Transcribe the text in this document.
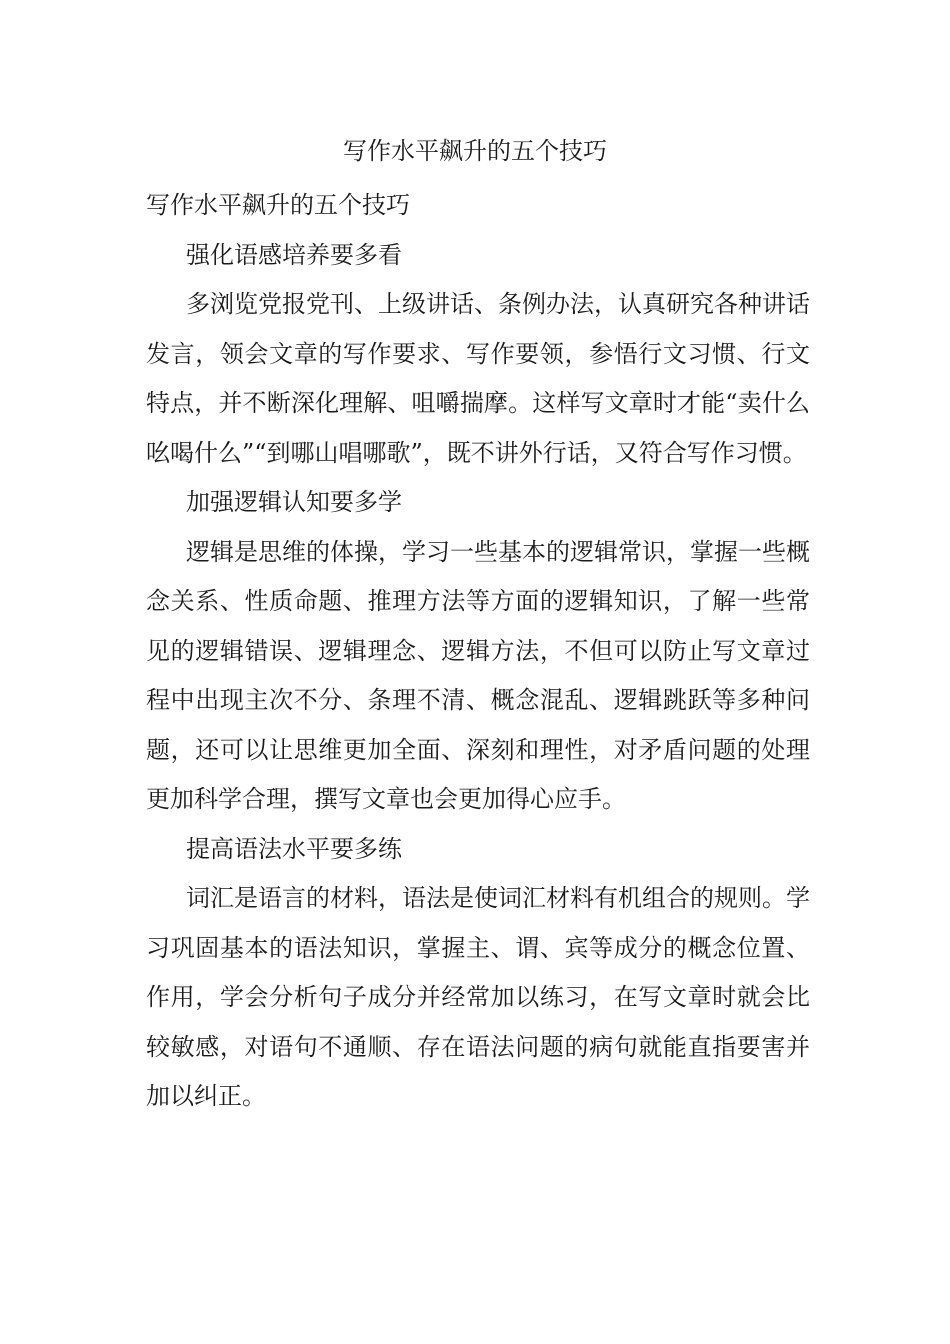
写作水平飙升的五个技巧

写作水平飙升的五个技巧

强化语感培养要多看

多浏览党报党刊、上级讲话、条例办法，认真研究各种讲话发言，领会文章的写作要求、写作要领，参悟行文习惯、行文特点，并不断深化理解、咀嚼揣摩。这样写文章时才能“卖什么吆喝什么”“到哪山唱哪歌”，既不讲外行话，又符合写作习惯。

加强逻辑认知要多学

逻辑是思维的体操，学习一些基本的逻辑常识，掌握一些概念关系、性质命题、推理方法等方面的逻辑知识，了解一些常见的逻辑错误、逻辑理念、逻辑方法，不但可以防止写文章过程中出现主次不分、条理不清、概念混乱、逻辑跳跃等多种问题，还可以让思维更加全面、深刻和理性，对矛盾问题的处理更加科学合理，撰写文章也会更加得心应手。

提高语法水平要多练

词汇是语言的材料，语法是使词汇材料有机组合的规则。学习巩固基本的语法知识，掌握主、谓、宾等成分的概念位置、作用，学会分析句子成分并经常加以练习，在写文章时就会比较敏感，对语句不通顺、存在语法问题的病句就能直指要害并加以纠正。
